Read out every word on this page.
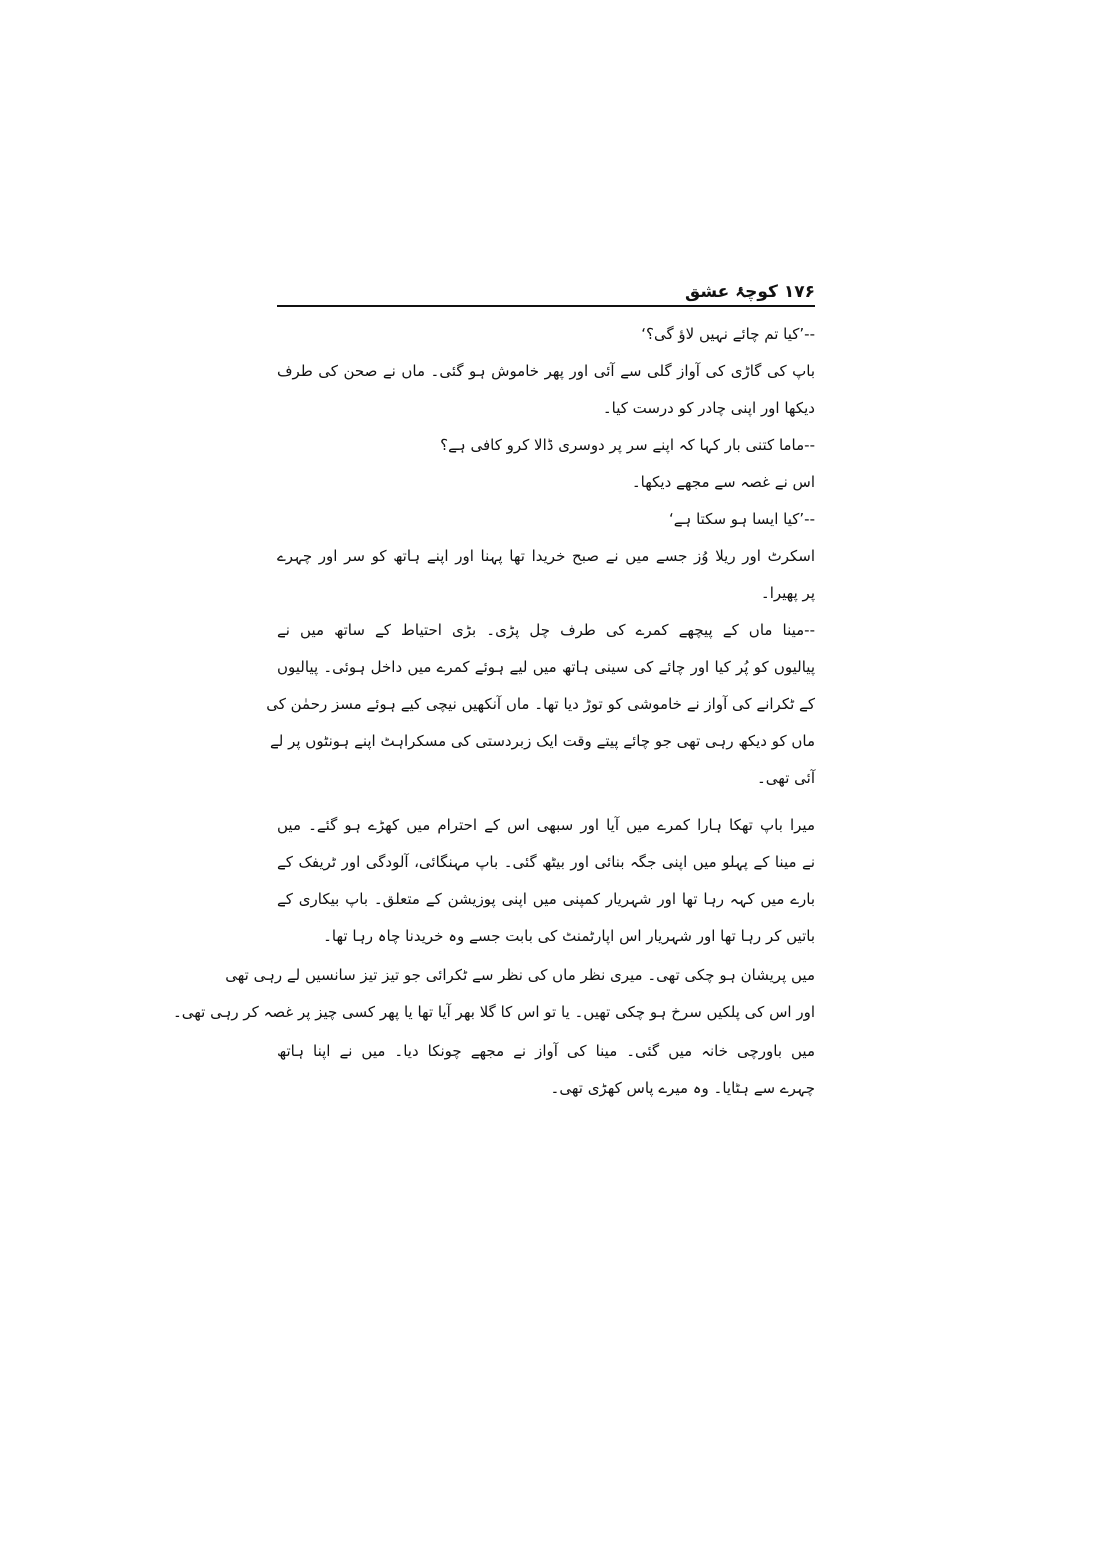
۱۷۶ کوچۂ عشق
--’کیا تم چائے نہیں لاؤ گی؟‘
باپ کی گاڑی کی آواز گلی سے آئی اور پھر خاموش ہو گئی۔ ماں نے صحن کی طرف
دیکھا اور اپنی چادر کو درست کیا۔
--ماما کتنی بار کہا کہ اپنے سر پر دوسری ڈالا کرو کافی ہے؟
اس نے غصہ سے مجھے دیکھا۔
--’کیا ایسا ہو سکتا ہے‘
اسکرٹ اور ریلا وُز جسے میں نے صبح خریدا تھا پہنا اور اپنے ہاتھ کو سر اور چہرے
پر پھیرا۔
--مینا ماں کے پیچھے کمرے کی طرف چل پڑی۔ بڑی احتیاط کے ساتھ میں نے
پیالیوں کو پُر کیا اور چائے کی سینی ہاتھ میں لیے ہوئے کمرے میں داخل ہوئی۔ پیالیوں
کے ٹکرانے کی آواز نے خاموشی کو توڑ دیا تھا۔ ماں آنکھیں نیچی کیے ہوئے مسز رحمٰن کی
ماں کو دیکھ رہی تھی جو چائے پیتے وقت ایک زبردستی کی مسکراہٹ اپنے ہونٹوں پر لے
آئی تھی۔
میرا باپ تھکا ہارا کمرے میں آیا اور سبھی اس کے احترام میں کھڑے ہو گئے۔ میں
نے مینا کے پہلو میں اپنی جگہ بنائی اور بیٹھ گئی۔ باپ مہنگائی، آلودگی اور ٹریفک کے
بارے میں کہہ رہا تھا اور شہریار کمپنی میں اپنی پوزیشن کے متعلق۔ باپ بیکاری کے
باتیں کر رہا تھا اور شہریار اس اپارٹمنٹ کی بابت جسے وہ خریدنا چاہ رہا تھا۔
میں پریشان ہو چکی تھی۔ میری نظر ماں کی نظر سے ٹکرائی جو تیز تیز سانسیں لے رہی تھی
اور اس کی پلکیں سرخ ہو چکی تھیں۔ یا تو اس کا گلا بھر آیا تھا یا پھر کسی چیز پر غصہ کر رہی تھی۔
میں باورچی خانہ میں گئی۔ مینا کی آواز نے مجھے چونکا دیا۔ میں نے اپنا ہاتھ
چہرے سے ہٹایا۔ وہ میرے پاس کھڑی تھی۔
